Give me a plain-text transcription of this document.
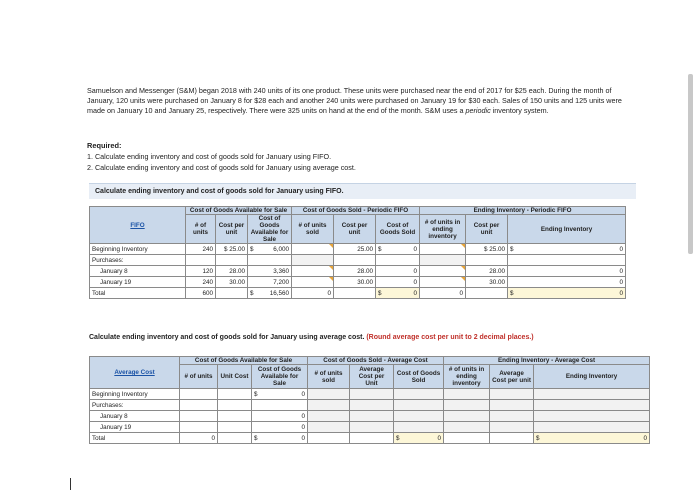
Samuelson and Messenger (S&M) began 2018 with 240 units of its one product. These units were purchased near the end of 2017 for $25 each. During the month of January, 120 units were purchased on January 8 for $28 each and another 240 units were purchased on January 19 for $30 each. Sales of 150 units and 125 units were made on January 10 and January 25, respectively. There were 325 units on hand at the end of the month. S&M uses a periodic inventory system.
Required:
1. Calculate ending inventory and cost of goods sold for January using FIFO.
2. Calculate ending inventory and cost of goods sold for January using average cost.
Calculate ending inventory and cost of goods sold for January using FIFO.
FIFO	Cost of Goods Available for Sale			Cost of Goods Sold - Periodic FIFO			Ending Inventory - Periodic FIFO		
	# of units	Cost per unit	Cost of Goods Available for Sale	# of units sold	Cost per unit	Cost of Goods Sold	# of units in ending inventory	Cost per unit	Ending Inventory
Beginning Inventory	240	$ 25.00	$ 6,000		25.00	$ 0		$ 25.00	$ 0
Purchases:									
January 8	120	28.00	3,360		28.00	0		28.00	0
January 19	240	30.00	7,200		30.00	0		30.00	0
Total	600		$ 16,560	0		$ 0	0		$ 0
Calculate ending inventory and cost of goods sold for January using average cost. (Round average cost per unit to 2 decimal places.)
Average Cost	Cost of Goods Available for Sale			Cost of Goods Sold - Average Cost			Ending Inventory - Average Cost		
	# of units	Unit Cost	Cost of Goods Available for Sale	# of units sold	Average Cost per Unit	Cost of Goods Sold	# of units in ending inventory	Average Cost per unit	Ending Inventory
Beginning Inventory			$ 0						
Purchases:									
January 8			0						
January 19			0						
Total	0		$ 0			$ 0			$ 0
